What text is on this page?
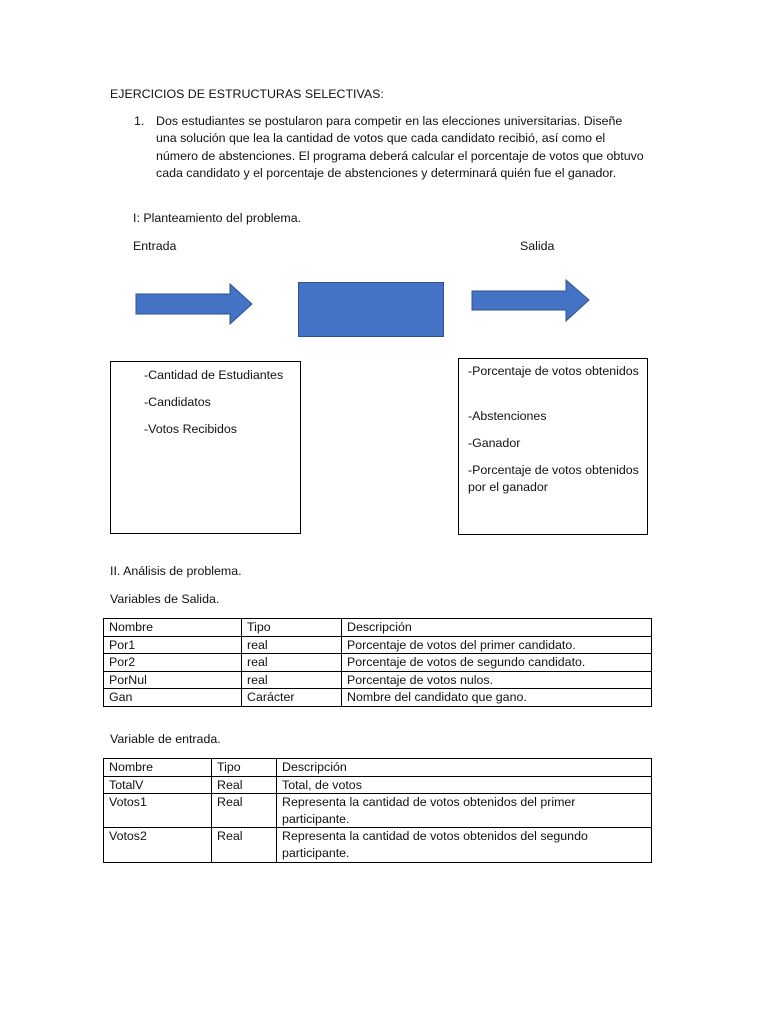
EJERCICIOS DE ESTRUCTURAS SELECTIVAS:
1. Dos estudiantes se postularon para competir en las elecciones universitarias. Diseñe una solución que lea la cantidad de votos que cada candidato recibió, así como el número de abstenciones. El programa deberá calcular el porcentaje de votos que obtuvo cada candidato y el porcentaje de abstenciones y determinará quién fue el ganador.
I: Planteamiento del problema.
Entrada	Salida
-Cantidad de Estudiantes
-Candidatos
-Votos Recibidos
-Porcentaje de votos obtenidos
-Abstenciones
-Ganador
-Porcentaje de votos obtenidos por el ganador
II. Análisis de problema.
Variables de Salida.
Nombre	Tipo	Descripción
Por1	real	Porcentaje de votos del primer candidato.
Por2	real	Porcentaje de votos de segundo candidato.
PorNul	real	Porcentaje de votos nulos.
Gan	Carácter	Nombre del candidato que gano.
Variable de entrada.
Nombre	Tipo	Descripción
TotalV	Real	Total, de votos
Votos1	Real	Representa la cantidad de votos obtenidos del primer participante.
Votos2	Real	Representa la cantidad de votos obtenidos del segundo participante.
